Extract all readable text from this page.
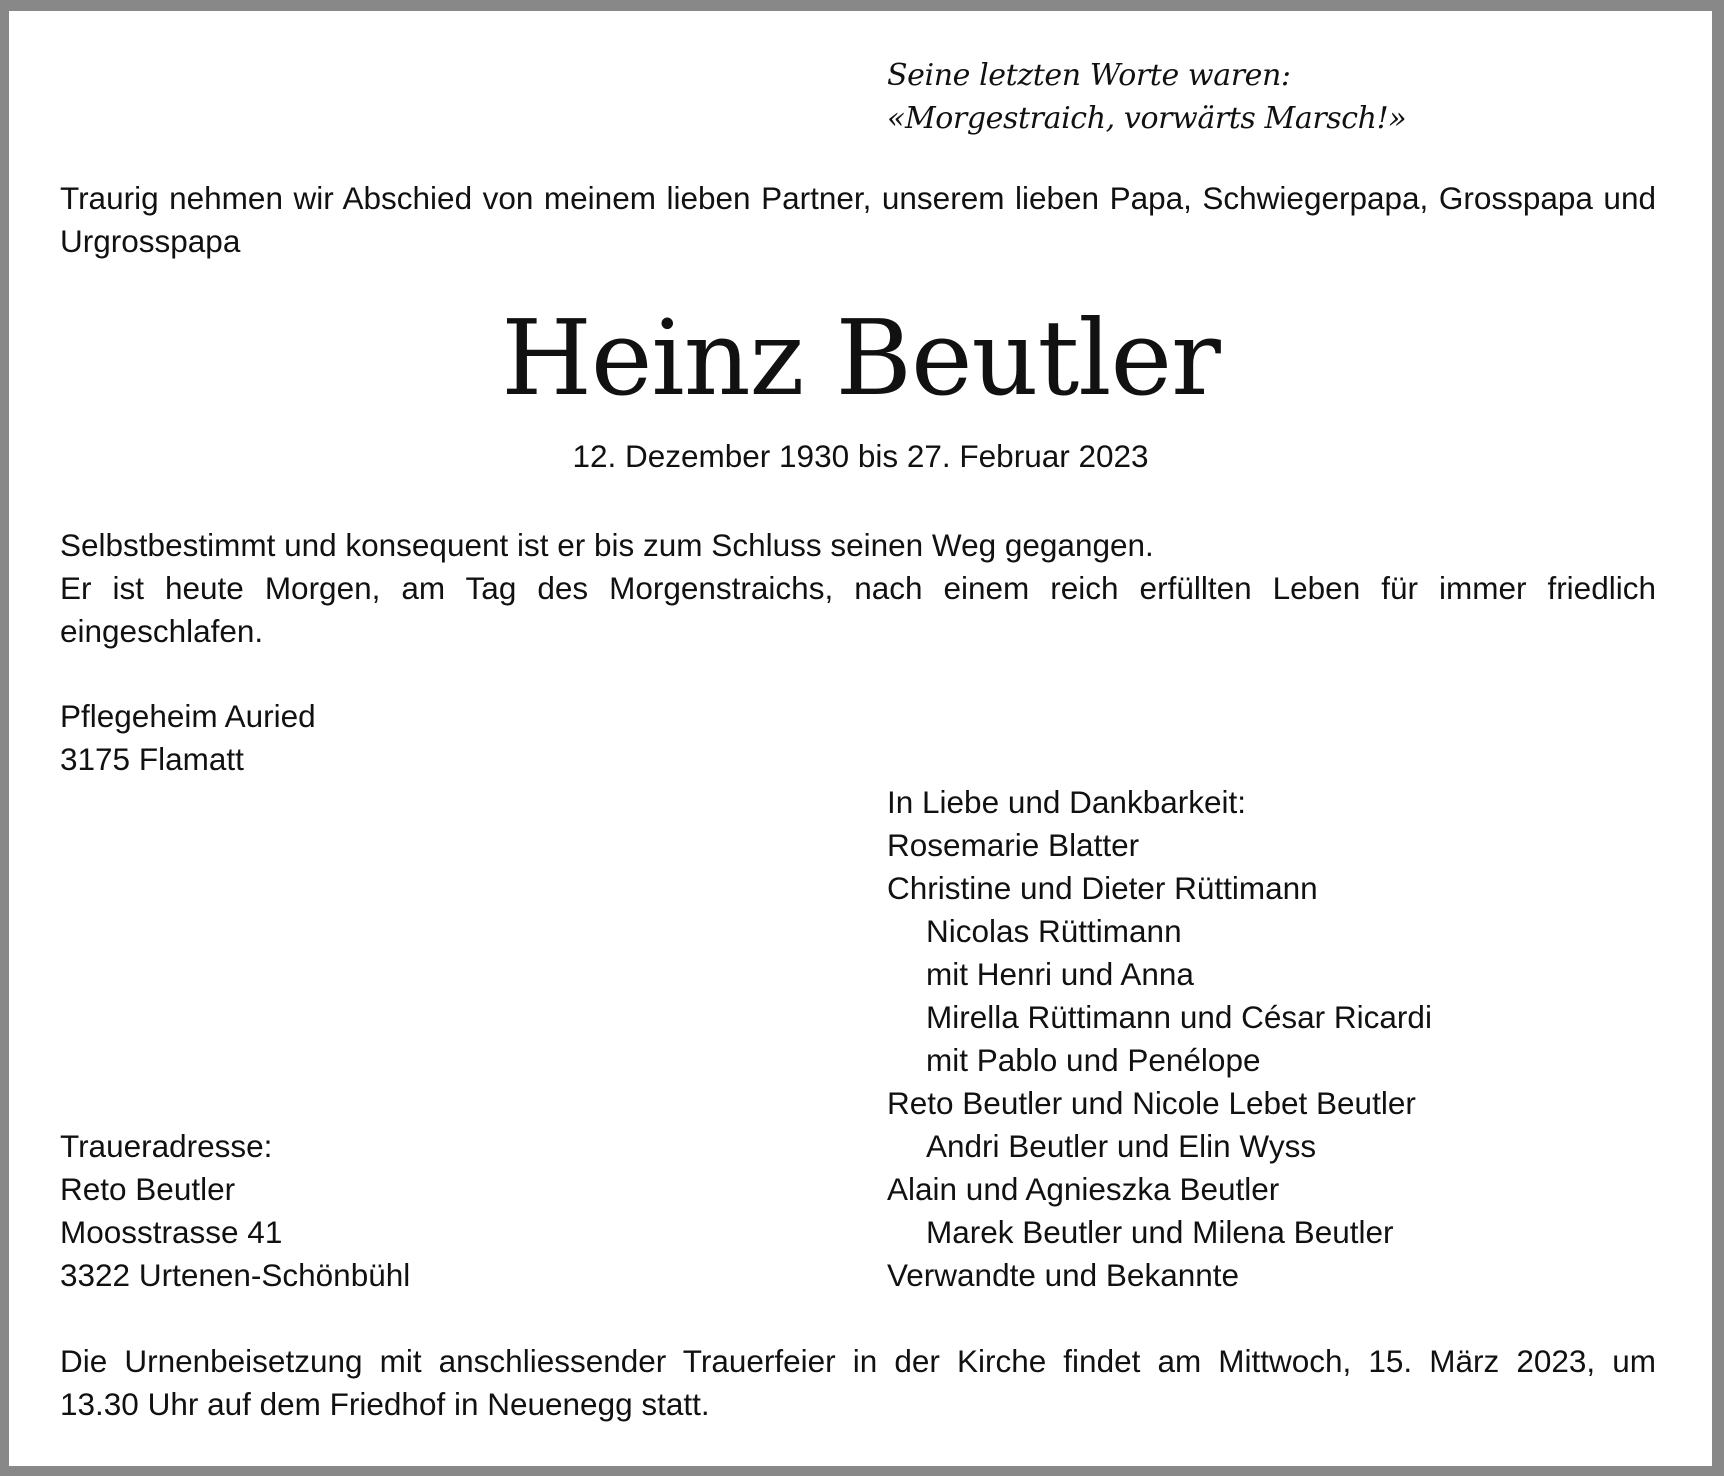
Seine letzten Worte waren:
«Morgestraich, vorwärts Marsch!»
Traurig nehmen wir Abschied von meinem lieben Partner, unserem lieben Papa, Schwiegerpapa, Grosspapa und
Urgrosspapa
Heinz Beutler
12. Dezember 1930 bis 27. Februar 2023
Selbstbestimmt und konsequent ist er bis zum Schluss seinen Weg gegangen.
Er ist heute Morgen, am Tag des Morgenstraichs, nach einem reich erfüllten Leben für immer friedlich
eingeschlafen.
Pflegeheim Auried
3175 Flamatt
In Liebe und Dankbarkeit:
Rosemarie Blatter
Christine und Dieter Rüttimann
Nicolas Rüttimann
mit Henri und Anna
Mirella Rüttimann und César Ricardi
mit Pablo und Penélope
Reto Beutler und Nicole Lebet Beutler
Andri Beutler und Elin Wyss
Alain und Agnieszka Beutler
Marek Beutler und Milena Beutler
Verwandte und Bekannte
Traueradresse:
Reto Beutler
Moosstrasse 41
3322 Urtenen-Schönbühl
Die Urnenbeisetzung mit anschliessender Trauerfeier in der Kirche findet am Mittwoch, 15. März 2023, um
13.30 Uhr auf dem Friedhof in Neuenegg statt.
